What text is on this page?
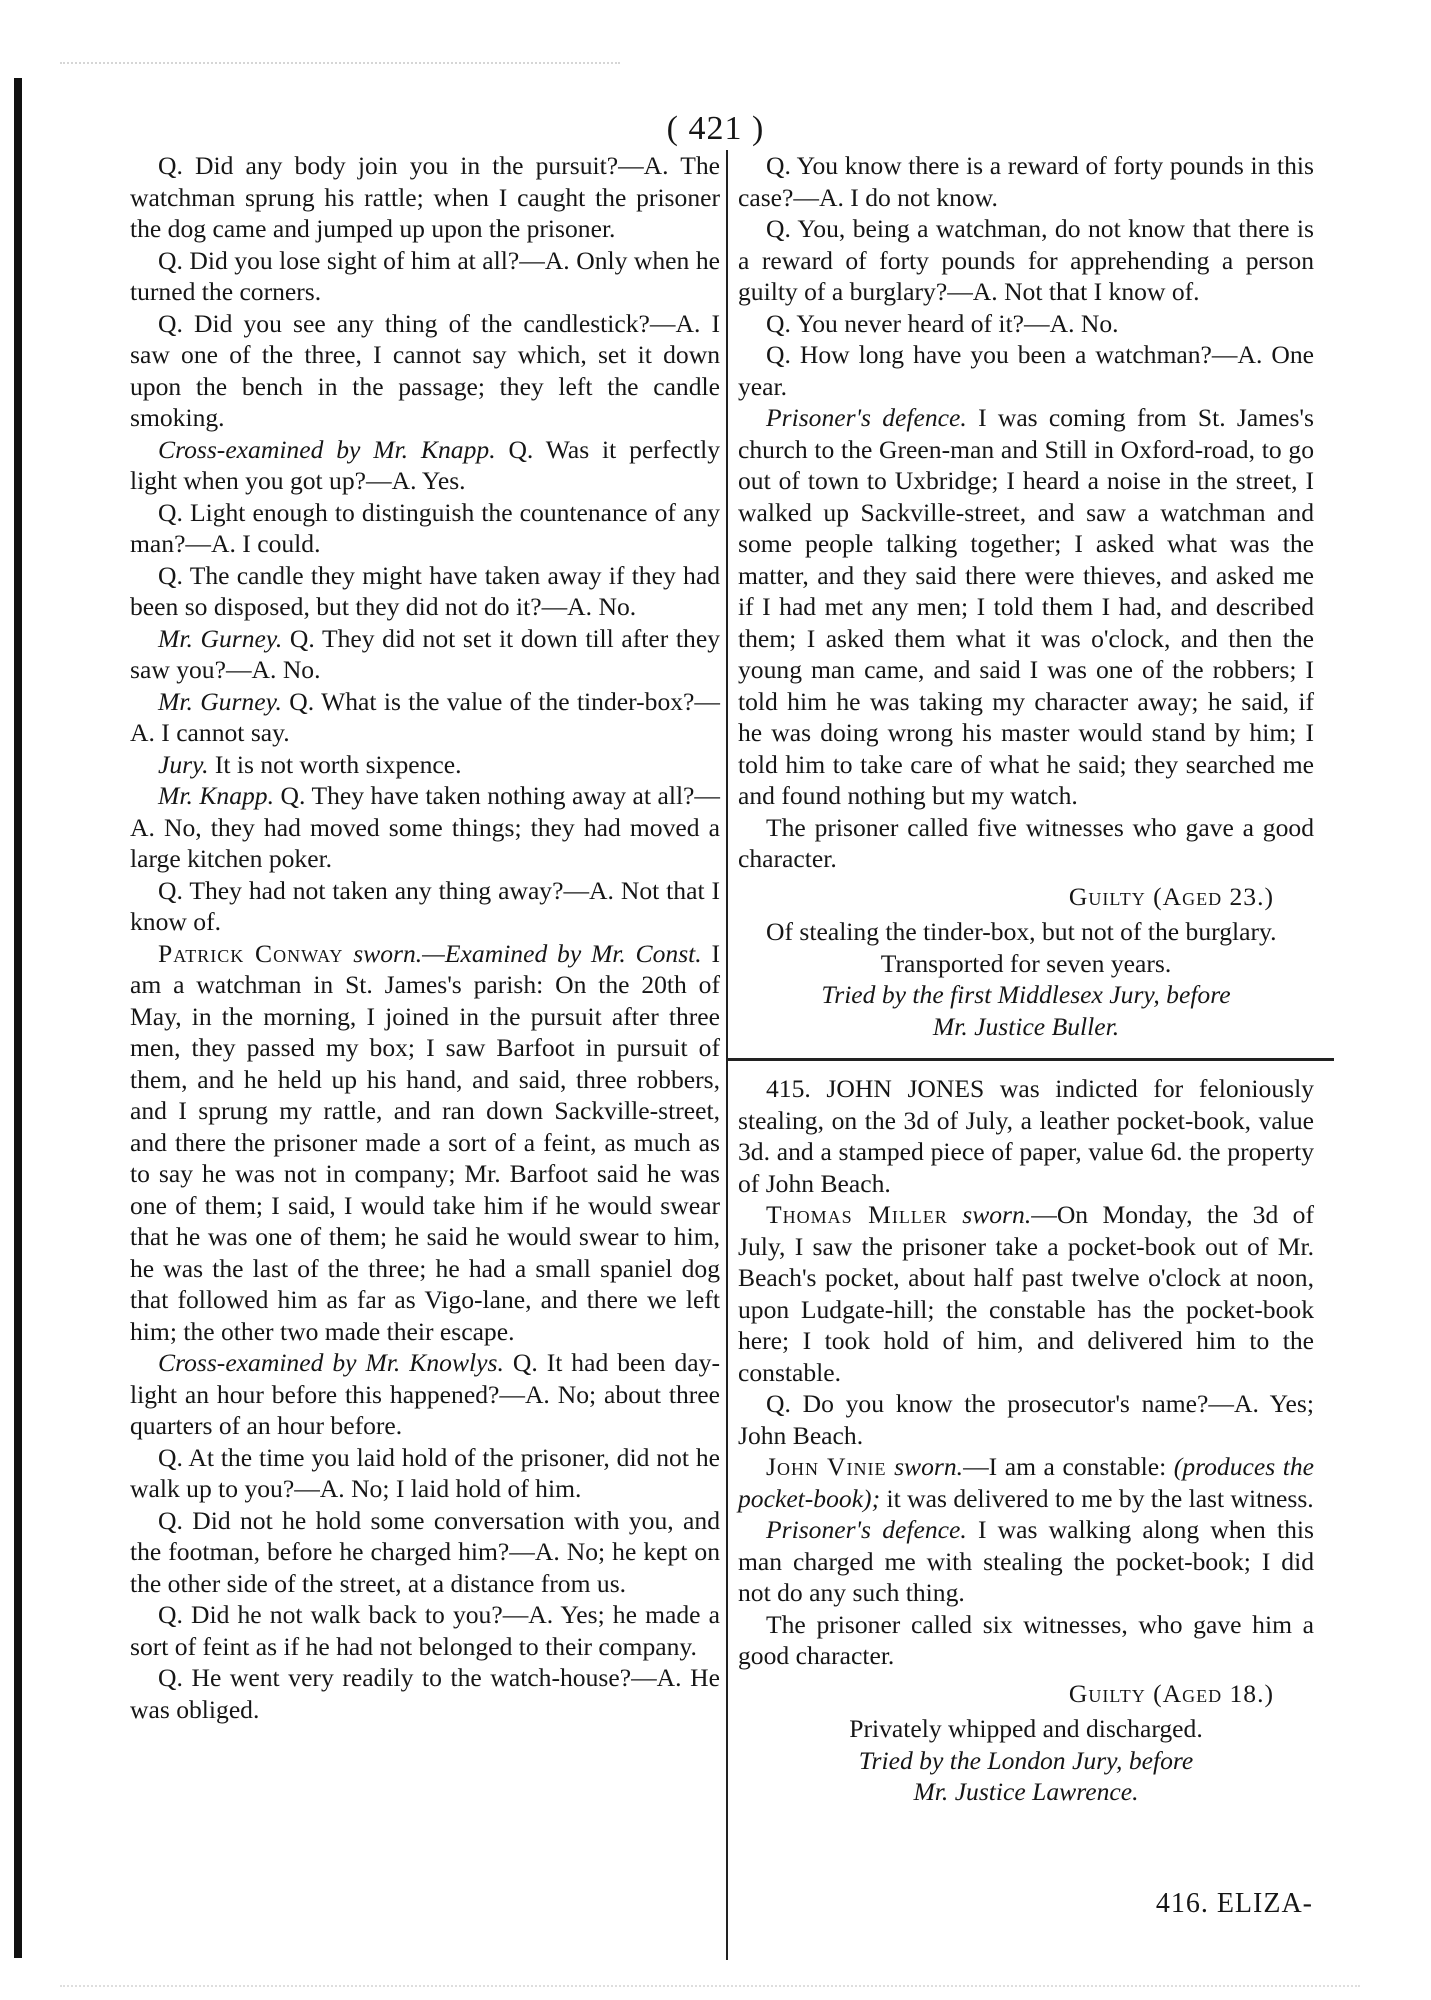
( 421 )

Q. Did any body join you in the pursuit?—A. The watchman sprung his rattle; when I caught the prisoner the dog came and jumped up upon the prisoner.

Q. Did you lose sight of him at all?—A. Only when he turned the corners.

Q. Did you see any thing of the candlestick?—A. I saw one of the three, I cannot say which, set it down upon the bench in the passage; they left the candle smoking.

Cross-examined by Mr. Knapp. Q. Was it perfectly light when you got up?—A. Yes.

Q. Light enough to distinguish the countenance of any man?—A. I could.

Q. The candle they might have taken away if they had been so disposed, but they did not do it?—A. No.

Mr. Gurney. Q. They did not set it down till after they saw you?—A. No.

Mr. Gurney. Q. What is the value of the tinder-box?—A. I cannot say.

Jury. It is not worth sixpence.

Mr. Knapp. Q. They have taken nothing away at all?—A. No, they had moved some things; they had moved a large kitchen poker.

Q. They had not taken any thing away?—A. Not that I know of.

Patrick Conway sworn.—Examined by Mr. Const. I am a watchman in St. James's parish: On the 20th of May, in the morning, I joined in the pursuit after three men, they passed my box; I saw Barfoot in pursuit of them, and he held up his hand, and said, three robbers, and I sprung my rattle, and ran down Sackville-street, and there the prisoner made a sort of a feint, as much as to say he was not in company; Mr. Barfoot said he was one of them; I said, I would take him if he would swear that he was one of them; he said he would swear to him, he was the last of the three; he had a small spaniel dog that followed him as far as Vigo-lane, and there we left him; the other two made their escape.

Cross-examined by Mr. Knowlys. Q. It had been day-light an hour before this happened?—A. No; about three quarters of an hour before.

Q. At the time you laid hold of the prisoner, did not he walk up to you?—A. No; I laid hold of him.

Q. Did not he hold some conversation with you, and the footman, before he charged him?—A. No; he kept on the other side of the street, at a distance from us.

Q. Did he not walk back to you?—A. Yes; he made a sort of feint as if he had not belonged to their company.

Q. He went very readily to the watch-house?—A. He was obliged.

Q. You know there is a reward of forty pounds in this case?—A. I do not know.

Q. You, being a watchman, do not know that there is a reward of forty pounds for apprehending a person guilty of a burglary?—A. Not that I know of.

Q. You never heard of it?—A. No.

Q. How long have you been a watchman?—A. One year.

Prisoner's defence. I was coming from St. James's church to the Green-man and Still in Oxford-road, to go out of town to Uxbridge; I heard a noise in the street, I walked up Sackville-street, and saw a watchman and some people talking together; I asked what was the matter, and they said there were thieves, and asked me if I had met any men; I told them I had, and described them; I asked them what it was o'clock, and then the young man came, and said I was one of the robbers; I told him he was taking my character away; he said, if he was doing wrong his master would stand by him; I told him to take care of what he said; they searched me and found nothing but my watch.

The prisoner called five witnesses who gave a good character.

Guilty (Aged 23.)

Of stealing the tinder-box, but not of the burglary.

Transported for seven years.

Tried by the first Middlesex Jury, before

Mr. Justice Buller.

415. JOHN JONES was indicted for feloniously stealing, on the 3d of July, a leather pocket-book, value 3d. and a stamped piece of paper, value 6d. the property of John Beach.

Thomas Miller sworn.—On Monday, the 3d of July, I saw the prisoner take a pocket-book out of Mr. Beach's pocket, about half past twelve o'clock at noon, upon Ludgate-hill; the constable has the pocket-book here; I took hold of him, and delivered him to the constable.

Q. Do you know the prosecutor's name?—A. Yes; John Beach.

John Vinie sworn.—I am a constable: (produces the pocket-book); it was delivered to me by the last witness.

Prisoner's defence. I was walking along when this man charged me with stealing the pocket-book; I did not do any such thing.

The prisoner called six witnesses, who gave him a good character.

Guilty (Aged 18.)

Privately whipped and discharged.

Tried by the London Jury, before

Mr. Justice Lawrence.

416. ELIZA-
